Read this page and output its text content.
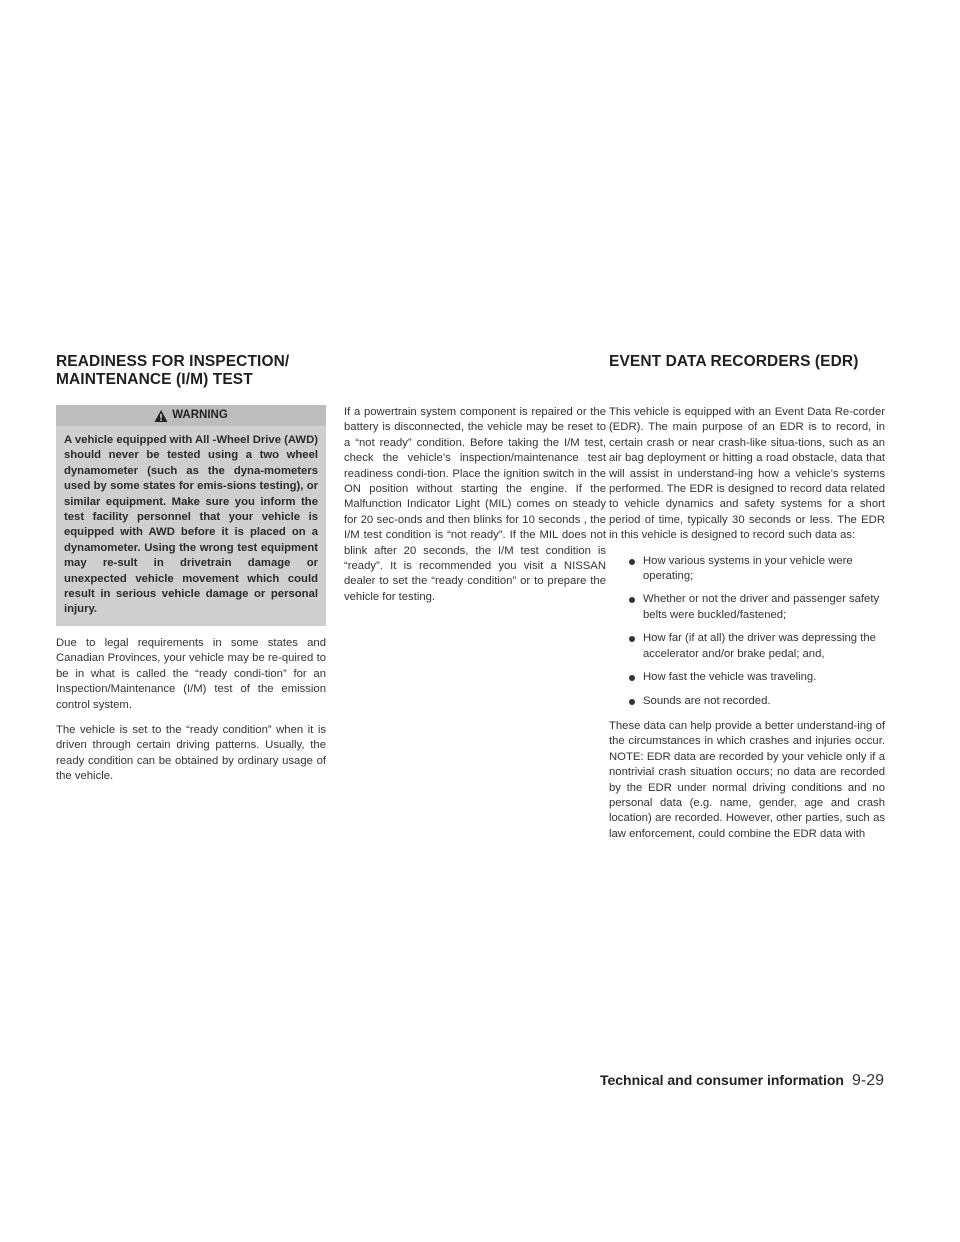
READINESS FOR INSPECTION/
MAINTENANCE (I/M) TEST
EVENT DATA RECORDERS (EDR)
WARNING
A vehicle equipped with All -Wheel Drive (AWD) should never be tested using a two wheel dynamometer (such as the dyna-mometers used by some states for emis-sions testing), or similar equipment. Make sure you inform the test facility personnel that your vehicle is equipped with AWD before it is placed on a dynamometer. Using the wrong test equipment may re-sult in drivetrain damage or unexpected vehicle movement which could result in serious vehicle damage or personal injury.

Due to legal requirements in some states and Canadian Provinces, your vehicle may be re-quired to be in what is called the “ready condi-tion” for an Inspection/Maintenance (I/M) test of the emission control system.

The vehicle is set to the “ready condition” when it is driven through certain driving patterns. Usually, the ready condition can be obtained by ordinary usage of the vehicle.

If a powertrain system component is repaired or the battery is disconnected, the vehicle may be reset to a “not ready” condition. Before taking the I/M test, check the vehicle’s inspection/maintenance test readiness condi-tion. Place the ignition switch in the ON position without starting the engine. If the Malfunction Indicator Light (MIL) comes on steady for 20 sec-onds and then blinks for 10 seconds , the I/M test condition is “not ready”. If the MIL does not blink after 20 seconds, the I/M test condition is “ready”. It is recommended you visit a NISSAN dealer to set the “ready condition” or to prepare the vehicle for testing.

This vehicle is equipped with an Event Data Re-corder (EDR). The main purpose of an EDR is to record, in certain crash or near crash-like situa-tions, such as an air bag deployment or hitting a road obstacle, data that will assist in understand-ing how a vehicle’s systems performed. The EDR is designed to record data related to vehicle dynamics and safety systems for a short period of time, typically 30 seconds or less. The EDR in this vehicle is designed to record such data as:

How various systems in your vehicle were operating;
Whether or not the driver and passenger safety belts were buckled/fastened;
How far (if at all) the driver was depressing the accelerator and/or brake pedal; and,
How fast the vehicle was traveling.
Sounds are not recorded.

These data can help provide a better understand-ing of the circumstances in which crashes and injuries occur. NOTE: EDR data are recorded by your vehicle only if a nontrivial crash situation occurs; no data are recorded by the EDR under normal driving conditions and no personal data (e.g. name, gender, age and crash location) are recorded. However, other parties, such as law enforcement, could combine the EDR data with

Technical and consumer information 9-29
